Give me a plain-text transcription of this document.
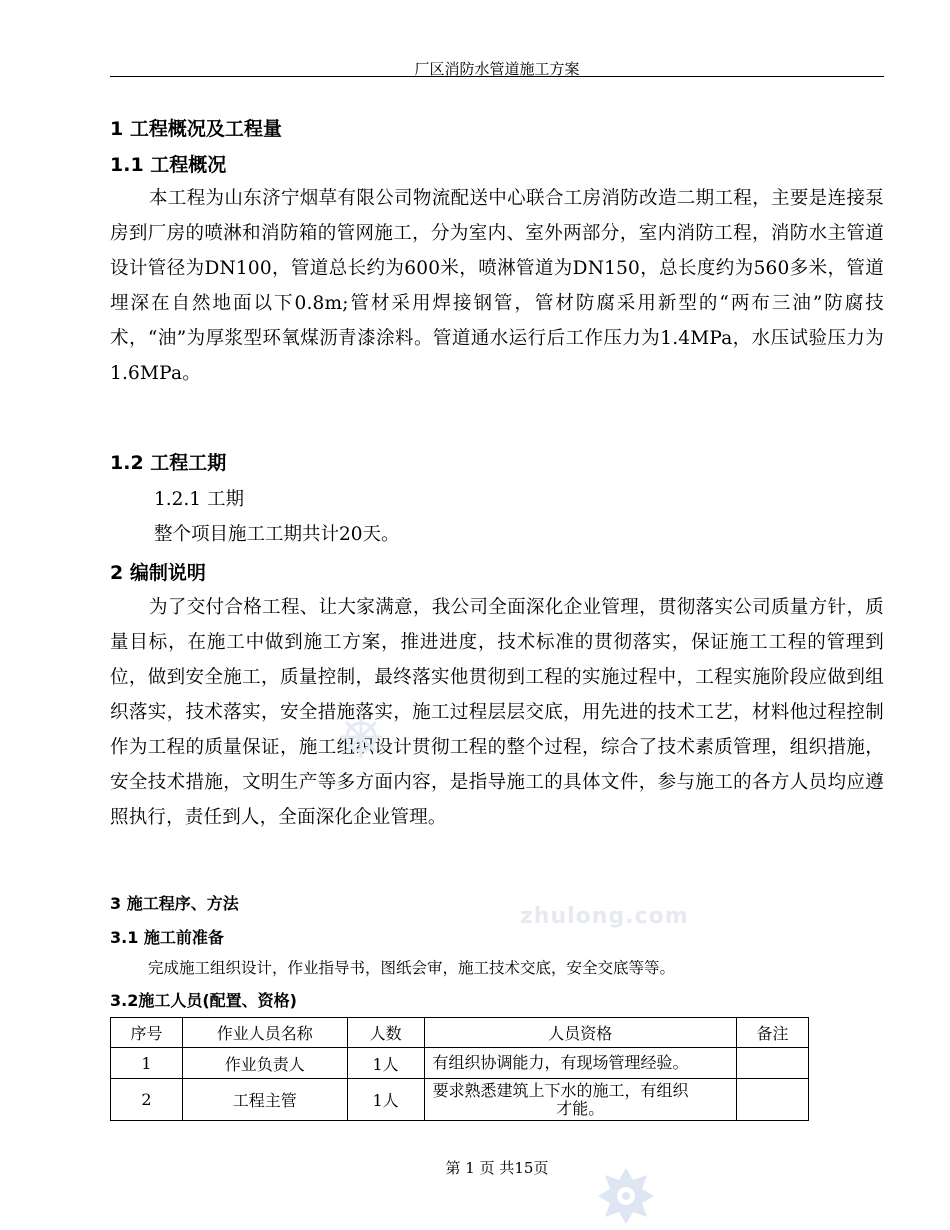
厂区消防水管道施工方案
1 工程概况及工程量
1.1 工程概况
本工程为山东济宁烟草有限公司物流配送中心联合工房消防改造二期工程，主要是连接泵房到厂房的喷淋和消防箱的管网施工，分为室内、室外两部分，室内消防工程，消防水主管道设计管径为DN100，管道总长约为600米，喷淋管道为DN150，总长度约为560多米，管道埋深在自然地面以下0.8m;管材采用焊接钢管，管材防腐采用新型的“两布三油”防腐技术，“油”为厚浆型环氧煤沥青漆涂料。管道通水运行后工作压力为1.4MPa，水压试验压力为1.6MPa。
1.2 工程工期
1.2.1 工期
整个项目施工工期共计20天。
2 编制说明
为了交付合格工程、让大家满意，我公司全面深化企业管理，贯彻落实公司质量方针，质量目标，在施工中做到施工方案，推进进度，技术标准的贯彻落实，保证施工工程的管理到位，做到安全施工，质量控制，最终落实他贯彻到工程的实施过程中，工程实施阶段应做到组织落实，技术落实，安全措施落实，施工过程层层交底，用先进的技术工艺，材料他过程控制作为工程的质量保证，施工组织设计贯彻工程的整个过程，综合了技术素质管理，组织措施，安全技术措施，文明生产等多方面内容，是指导施工的具体文件，参与施工的各方人员均应遵照执行，责任到人，全面深化企业管理。
3 施工程序、方法
3.1 施工前准备
完成施工组织设计，作业指导书，图纸会审，施工技术交底，安全交底等等。
3.2施工人员(配置、资格)
序号	作业人员名称	人数	人员资格	备注
1	作业负责人	1人	有组织协调能力，有现场管理经验。	
2	工程主管	1人	要求熟悉建筑上下水的施工，有组织
才能。	

第 1 页 共15页
zhulong.com
